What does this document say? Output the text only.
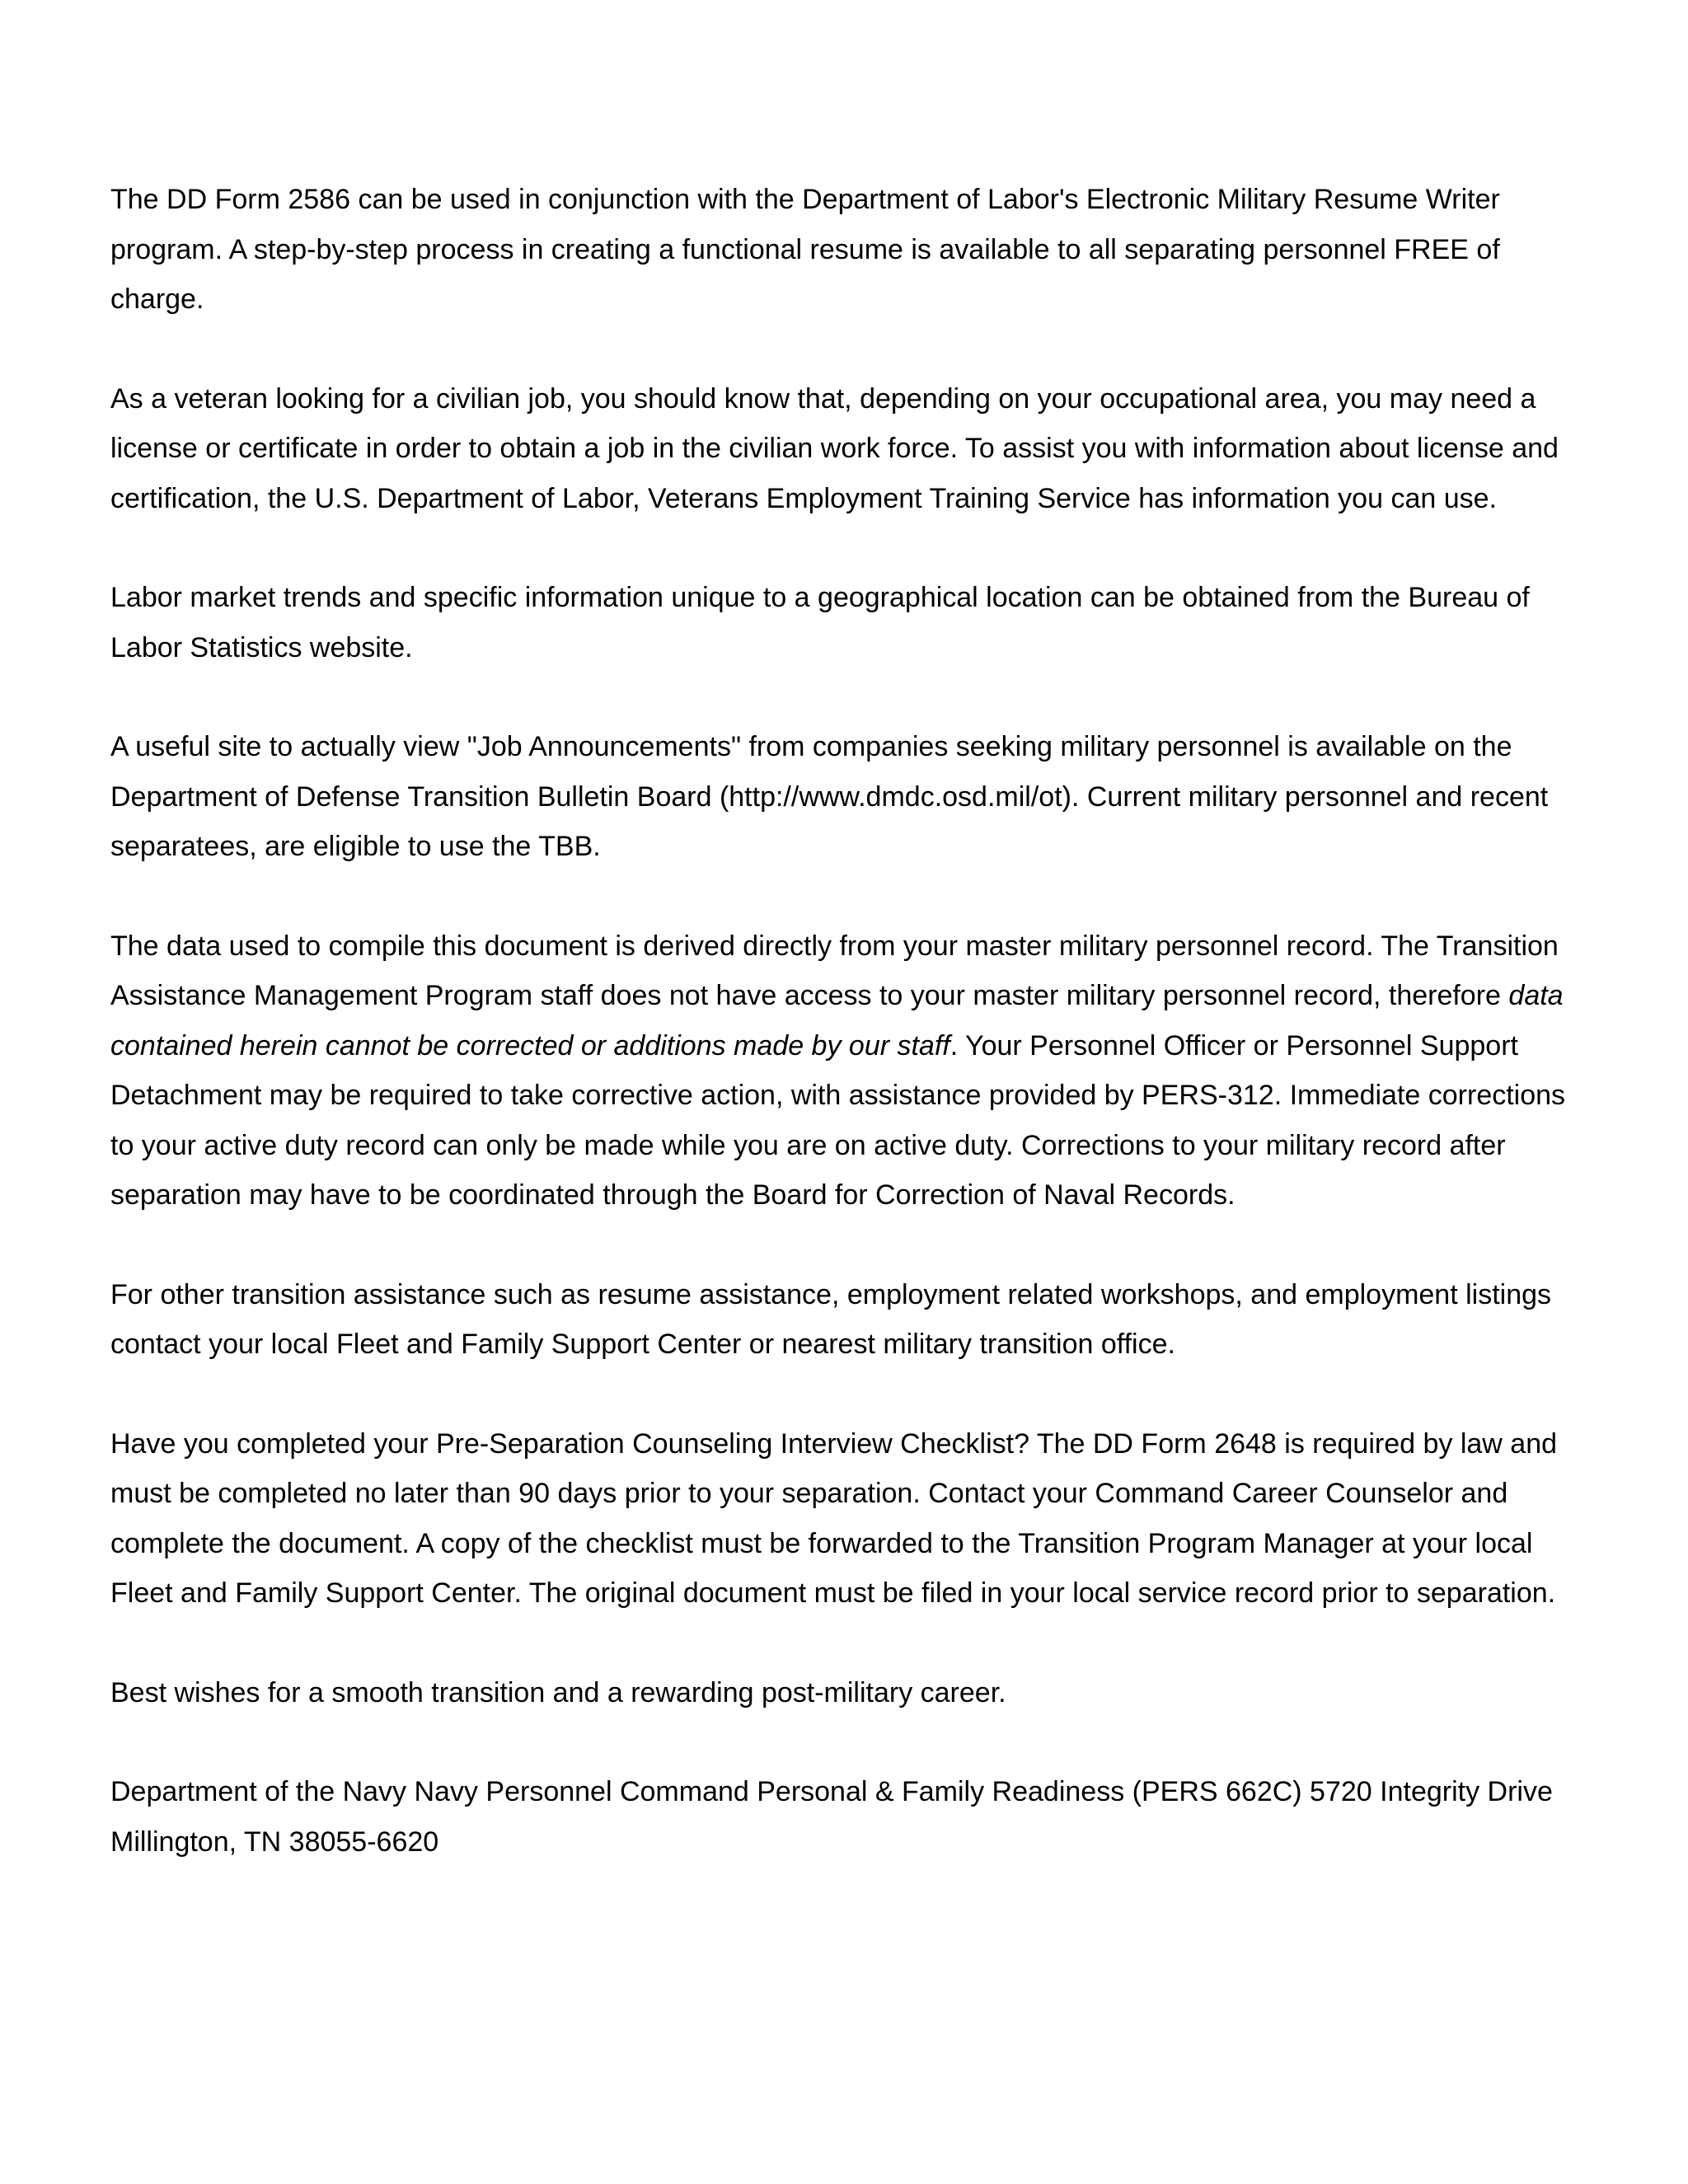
The DD Form 2586 can be used in conjunction with the Department of Labor's Electronic Military Resume Writer program. A step-by-step process in creating a functional resume is available to all separating personnel FREE of charge.

As a veteran looking for a civilian job, you should know that, depending on your occupational area, you may need a license or certificate in order to obtain a job in the civilian work force. To assist you with information about license and certification, the U.S. Department of Labor, Veterans Employment Training Service has information you can use.

Labor market trends and specific information unique to a geographical location can be obtained from the Bureau of Labor Statistics website.

A useful site to actually view "Job Announcements" from companies seeking military personnel is available on the Department of Defense Transition Bulletin Board (http://www.dmdc.osd.mil/ot). Current military personnel and recent separatees, are eligible to use the TBB.

The data used to compile this document is derived directly from your master military personnel record. The Transition Assistance Management Program staff does not have access to your master military personnel record, therefore data contained herein cannot be corrected or additions made by our staff. Your Personnel Officer or Personnel Support Detachment may be required to take corrective action, with assistance provided by PERS-312. Immediate corrections to your active duty record can only be made while you are on active duty. Corrections to your military record after separation may have to be coordinated through the Board for Correction of Naval Records.

For other transition assistance such as resume assistance, employment related workshops, and employment listings contact your local Fleet and Family Support Center or nearest military transition office.

Have you completed your Pre-Separation Counseling Interview Checklist? The DD Form 2648 is required by law and must be completed no later than 90 days prior to your separation. Contact your Command Career Counselor and complete the document. A copy of the checklist must be forwarded to the Transition Program Manager at your local Fleet and Family Support Center. The original document must be filed in your local service record prior to separation.

Best wishes for a smooth transition and a rewarding post-military career.

Department of the Navy Navy Personnel Command Personal & Family Readiness (PERS 662C) 5720 Integrity Drive Millington, TN 38055-6620
